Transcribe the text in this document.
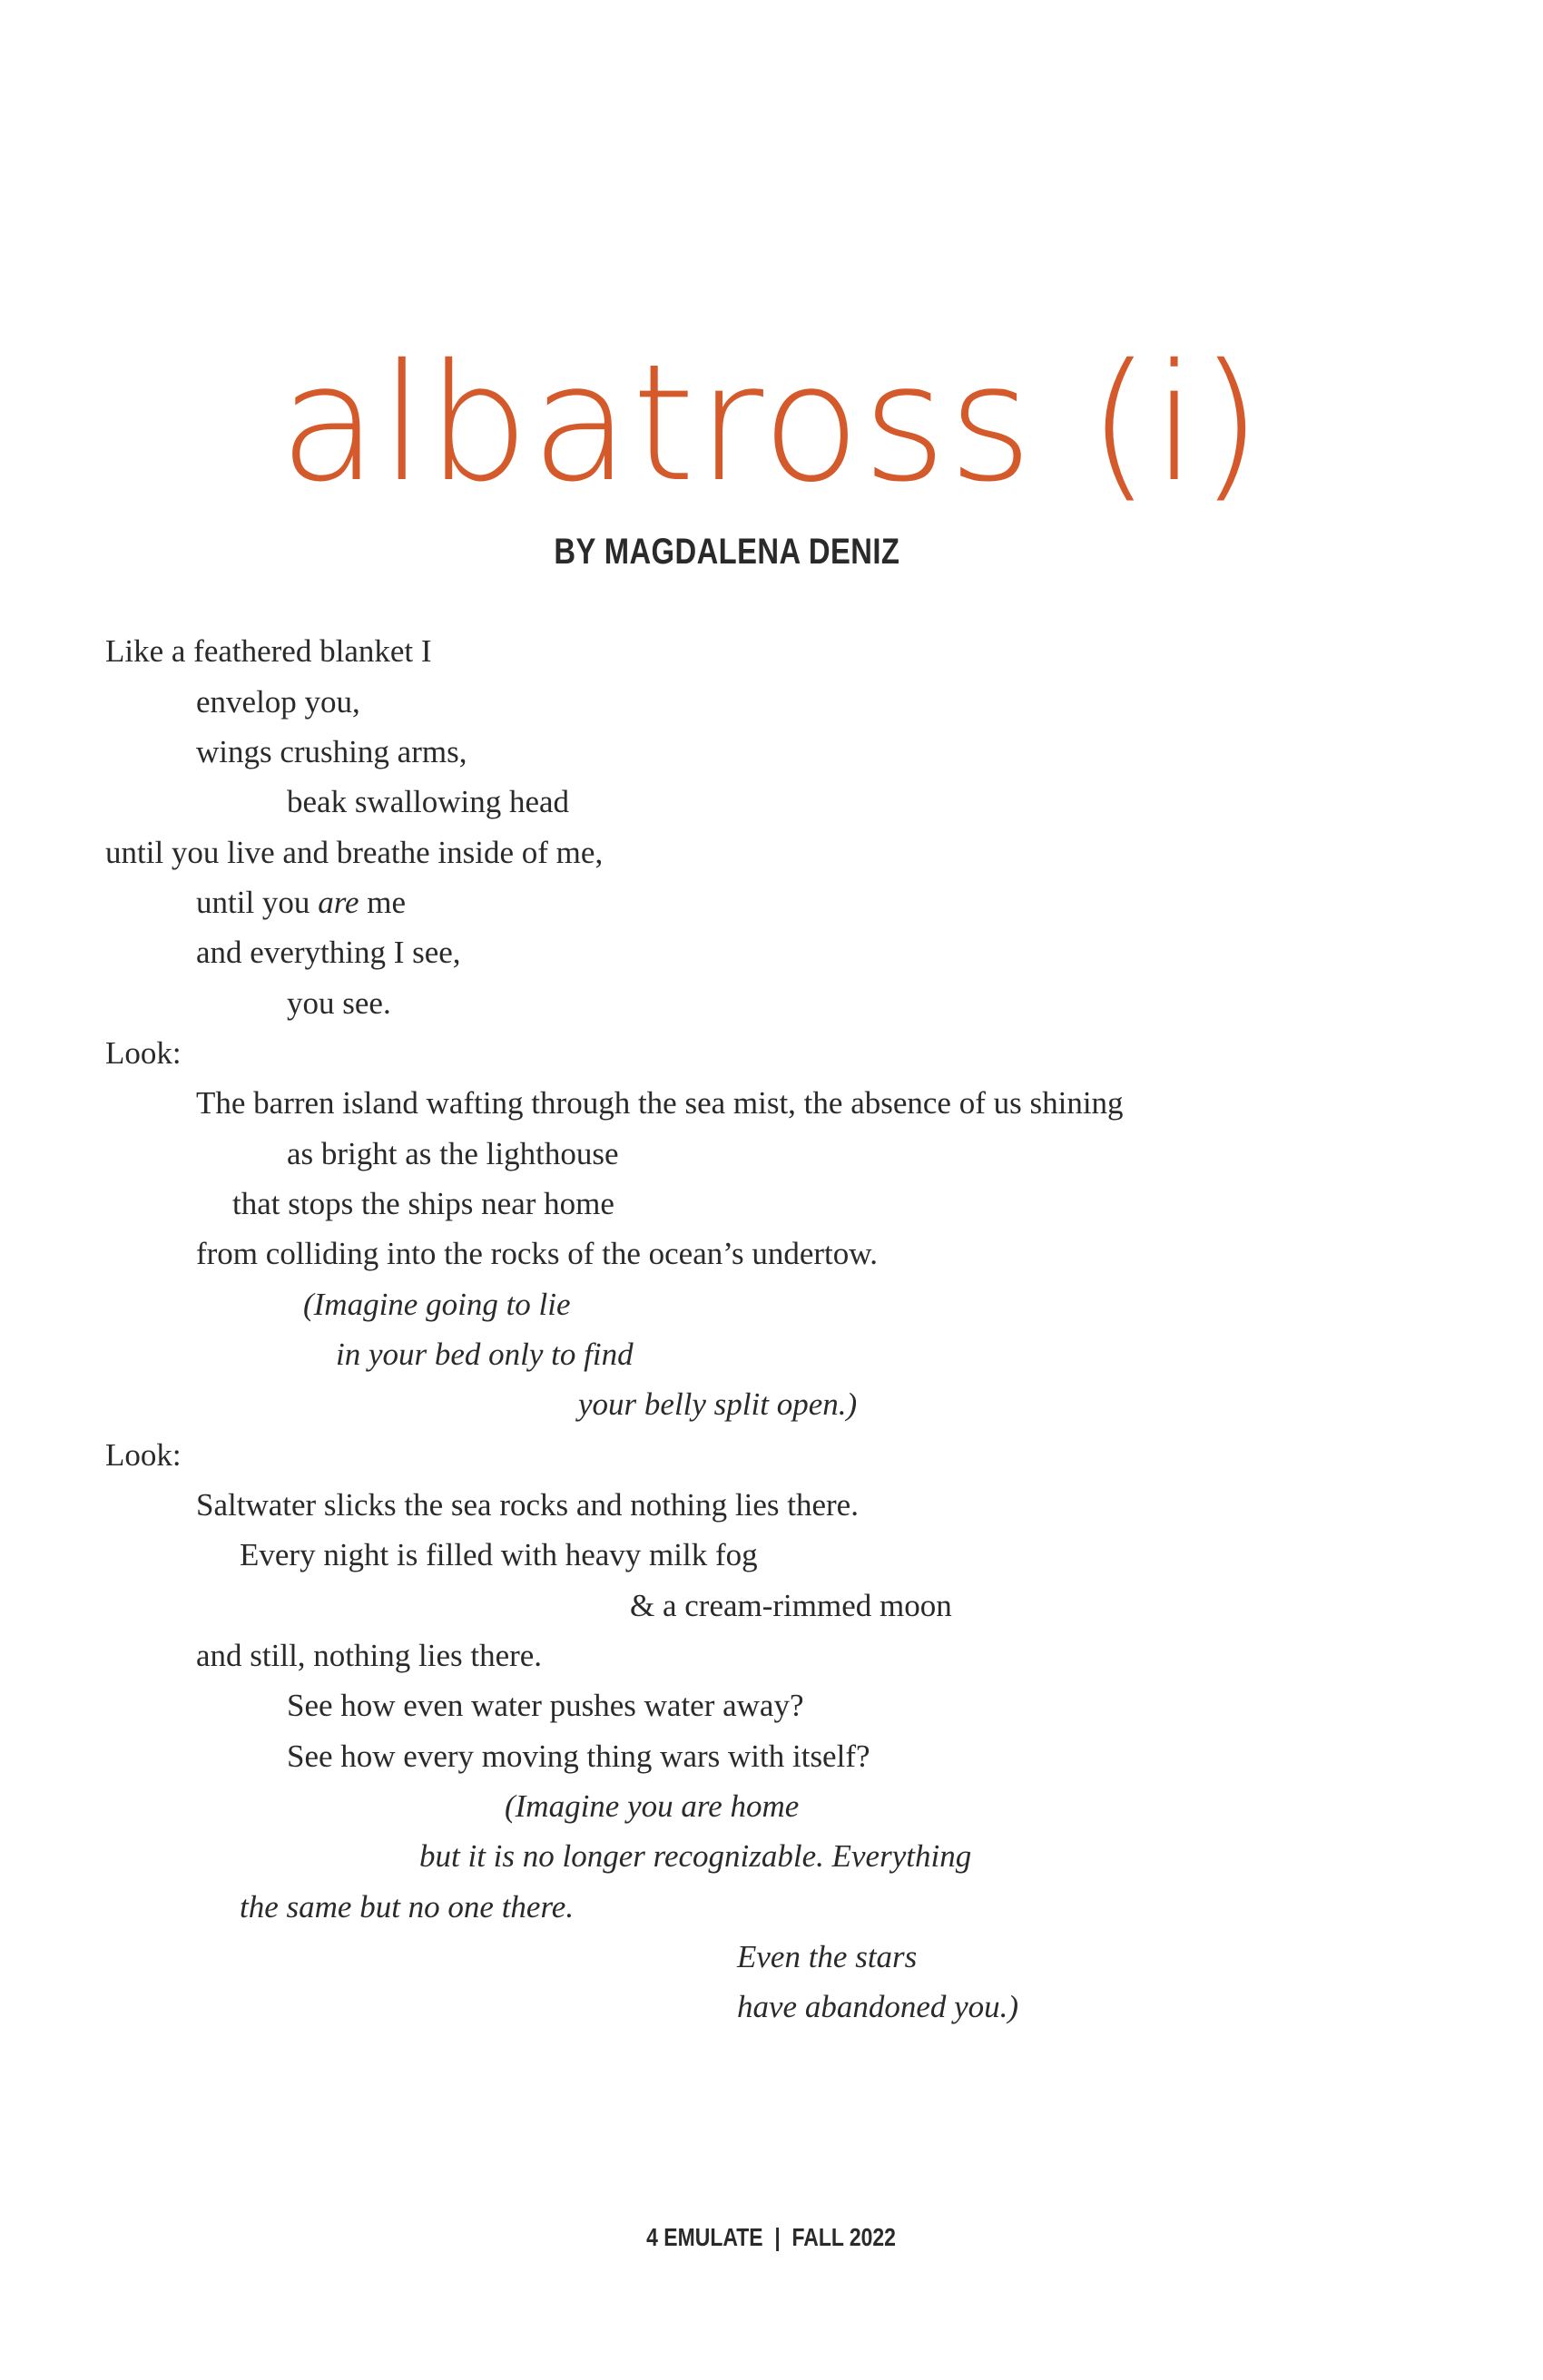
albatross (i)
BY MAGDALENA DENIZ
Like a feathered blanket I
envelop you,
wings crushing arms,
beak swallowing head
until you live and breathe inside of me,
until you are me
and everything I see,
you see.
Look:
The barren island wafting through the sea mist, the absence of us shining
as bright as the lighthouse
that stops the ships near home
from colliding into the rocks of the ocean’s undertow.
(Imagine going to lie
in your bed only to find
your belly split open.)
Look:
Saltwater slicks the sea rocks and nothing lies there.
Every night is filled with heavy milk fog
& a cream-rimmed moon
and still, nothing lies there.
See how even water pushes water away?
See how every moving thing wars with itself?
(Imagine you are home
but it is no longer recognizable. Everything
the same but no one there.
Even the stars
have abandoned you.)
4 EMULATE  |  FALL 2022
